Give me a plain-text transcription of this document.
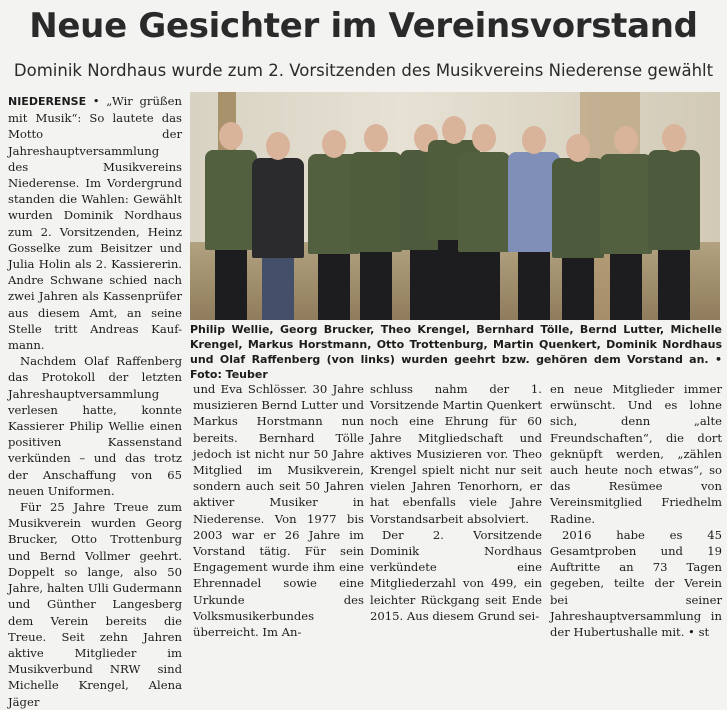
Neue Gesichter im Vereinsvorstand
Dominik Nordhaus wurde zum 2. Vorsitzenden des Musikvereins Niederense gewählt

NIEDERENSE • „Wir grüßen mit Musik“: So lautete das Motto der Jahreshauptversammlung des Musikvereins Niederense. Im Vordergrund standen die Wahlen: Gewählt wurden Dominik Nordhaus zum 2. Vorsitzenden, Heinz Gosselke zum Beisitzer und Julia Holin als 2. Kassiererin. Andre Schwane schied nach zwei Jahren als Kassenprüfer aus diesem Amt, an seine Stelle tritt Andreas Kauf-mann.

Nachdem Olaf Raffenberg das Protokoll der letzten Jahreshauptversammlung verlesen hatte, konnte Kassierer Philip Wellie einen positiven Kassenstand verkünden – und das trotz der Anschaffung von 65 neuen Uniformen.

Für 25 Jahre Treue zum Musikverein wurden Georg Brucker, Otto Trottenburg und Bernd Vollmer geehrt. Doppelt so lange, also 50 Jahre, halten Ulli Gudermann und Günther Langesberg dem Verein bereits die Treue. Seit zehn Jahren aktive Mitglieder im Musikverbund NRW sind Michelle Krengel, Alena Jäger

Philip Wellie, Georg Brucker, Theo Krengel, Bernhard Tölle, Bernd Lutter, Michelle Krengel, Markus Horstmann, Otto Trottenburg, Martin Quenkert, Dominik Nordhaus und Olaf Raffenberg (von links) wurden geehrt bzw. gehören dem Vorstand an. • Foto: Teuber

und Eva Schlösser. 30 Jahre musizieren Bernd Lutter und Markus Horstmann nun bereits. Bernhard Tölle jedoch ist nicht nur 50 Jahre Mitglied im Musikverein, sondern auch seit 50 Jahren aktiver Musiker in Niederense. Von 1977 bis 2003 war er 26 Jahre im Vorstand tätig. Für sein Engagement wurde ihm eine Ehrennadel sowie eine Urkunde des Volksmusikerbundes überreicht. Im An-

schluss nahm der 1. Vorsitzende Martin Quenkert noch eine Ehrung für 60 Jahre Mitgliedschaft und aktives Musizieren vor. Theo Krengel spielt nicht nur seit vielen Jahren Tenorhorn, er hat ebenfalls viele Jahre Vorstandsarbeit absolviert.

Der 2. Vorsitzende Dominik Nordhaus verkündete eine Mitgliederzahl von 499, ein leichter Rückgang seit Ende 2015. Aus diesem Grund sei-

en neue Mitglieder immer erwünscht. Und es lohne sich, denn „alte Freundschaften“, die dort geknüpft werden, „zählen auch heute noch etwas“, so das Resümee von Vereinsmitglied Friedhelm Radine.

2016 habe es 45 Gesamtproben und 19 Auftritte an 73 Tagen gegeben, teilte der Verein bei seiner Jahreshauptversammlung in der Hubertushalle mit. • st
